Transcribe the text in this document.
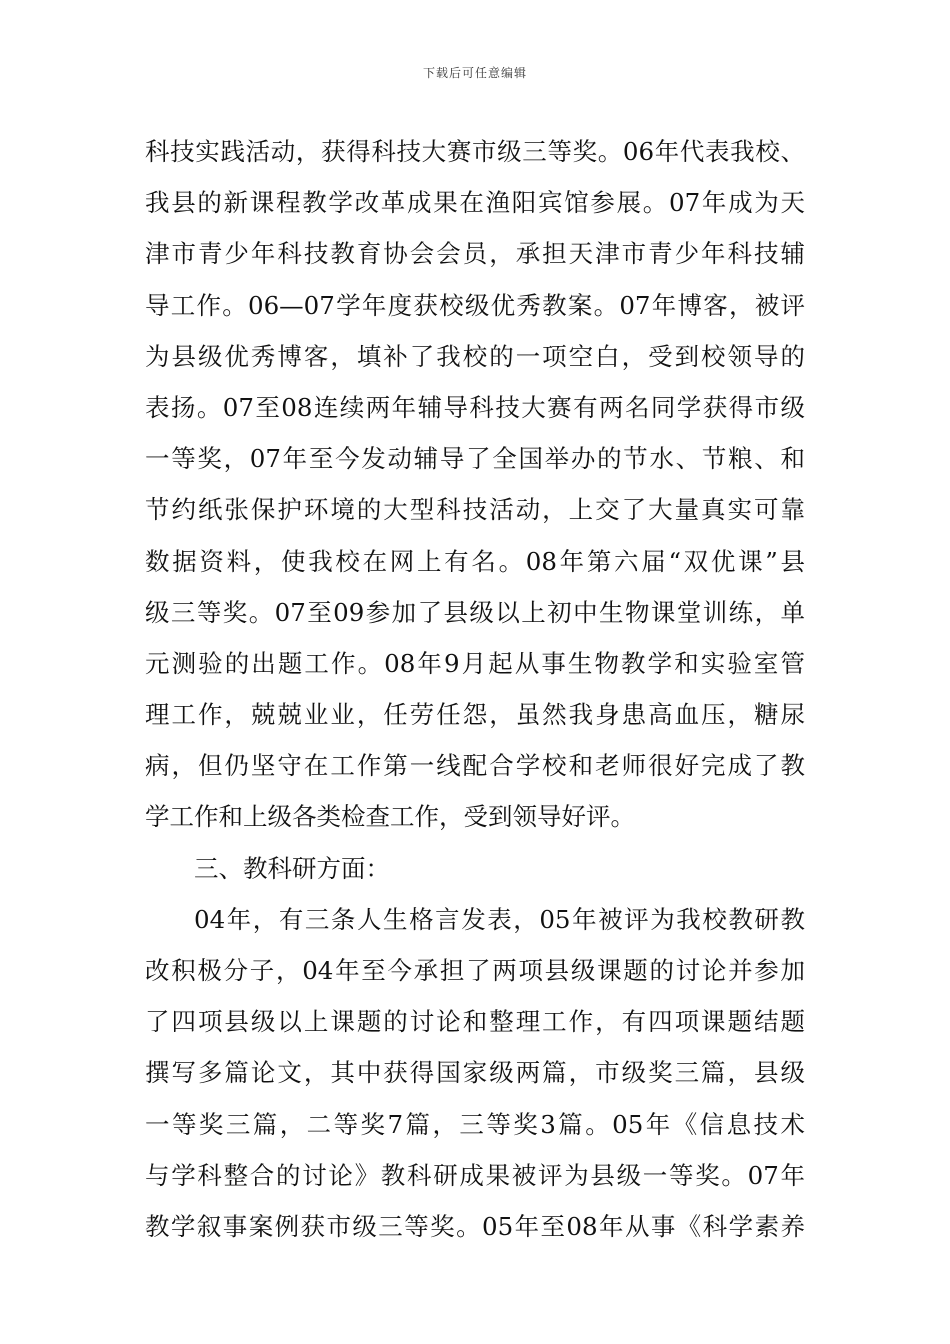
下载后可任意编辑
科技实践活动，获得科技大赛市级三等奖。06年代表我校、
我县的新课程教学改革成果在渔阳宾馆参展。07年成为天
津市青少年科技教育协会会员，承担天津市青少年科技辅
导工作。06—07学年度获校级优秀教案。07年博客，被评
为县级优秀博客，填补了我校的一项空白，受到校领导的
表扬。07至08连续两年辅导科技大赛有两名同学获得市级
一等奖，07年至今发动辅导了全国举办的节水、节粮、和
节约纸张保护环境的大型科技活动，上交了大量真实可靠
数据资料，使我校在网上有名。08年第六届“双优课”县
级三等奖。07至09参加了县级以上初中生物课堂训练，单
元测验的出题工作。08年9月起从事生物教学和实验室管
理工作，兢兢业业，任劳任怨，虽然我身患高血压，糖尿
病，但仍坚守在工作第一线配合学校和老师很好完成了教
学工作和上级各类检查工作，受到领导好评。
三、教科研方面：
04年，有三条人生格言发表，05年被评为我校教研教
改积极分子，04年至今承担了两项县级课题的讨论并参加
了四项县级以上课题的讨论和整理工作，有四项课题结题
撰写多篇论文，其中获得国家级两篇，市级奖三篇，县级
一等奖三篇，二等奖7篇，三等奖3篇。05年《信息技术
与学科整合的讨论》教科研成果被评为县级一等奖。07年
教学叙事案例获市级三等奖。05年至08年从事《科学素养
